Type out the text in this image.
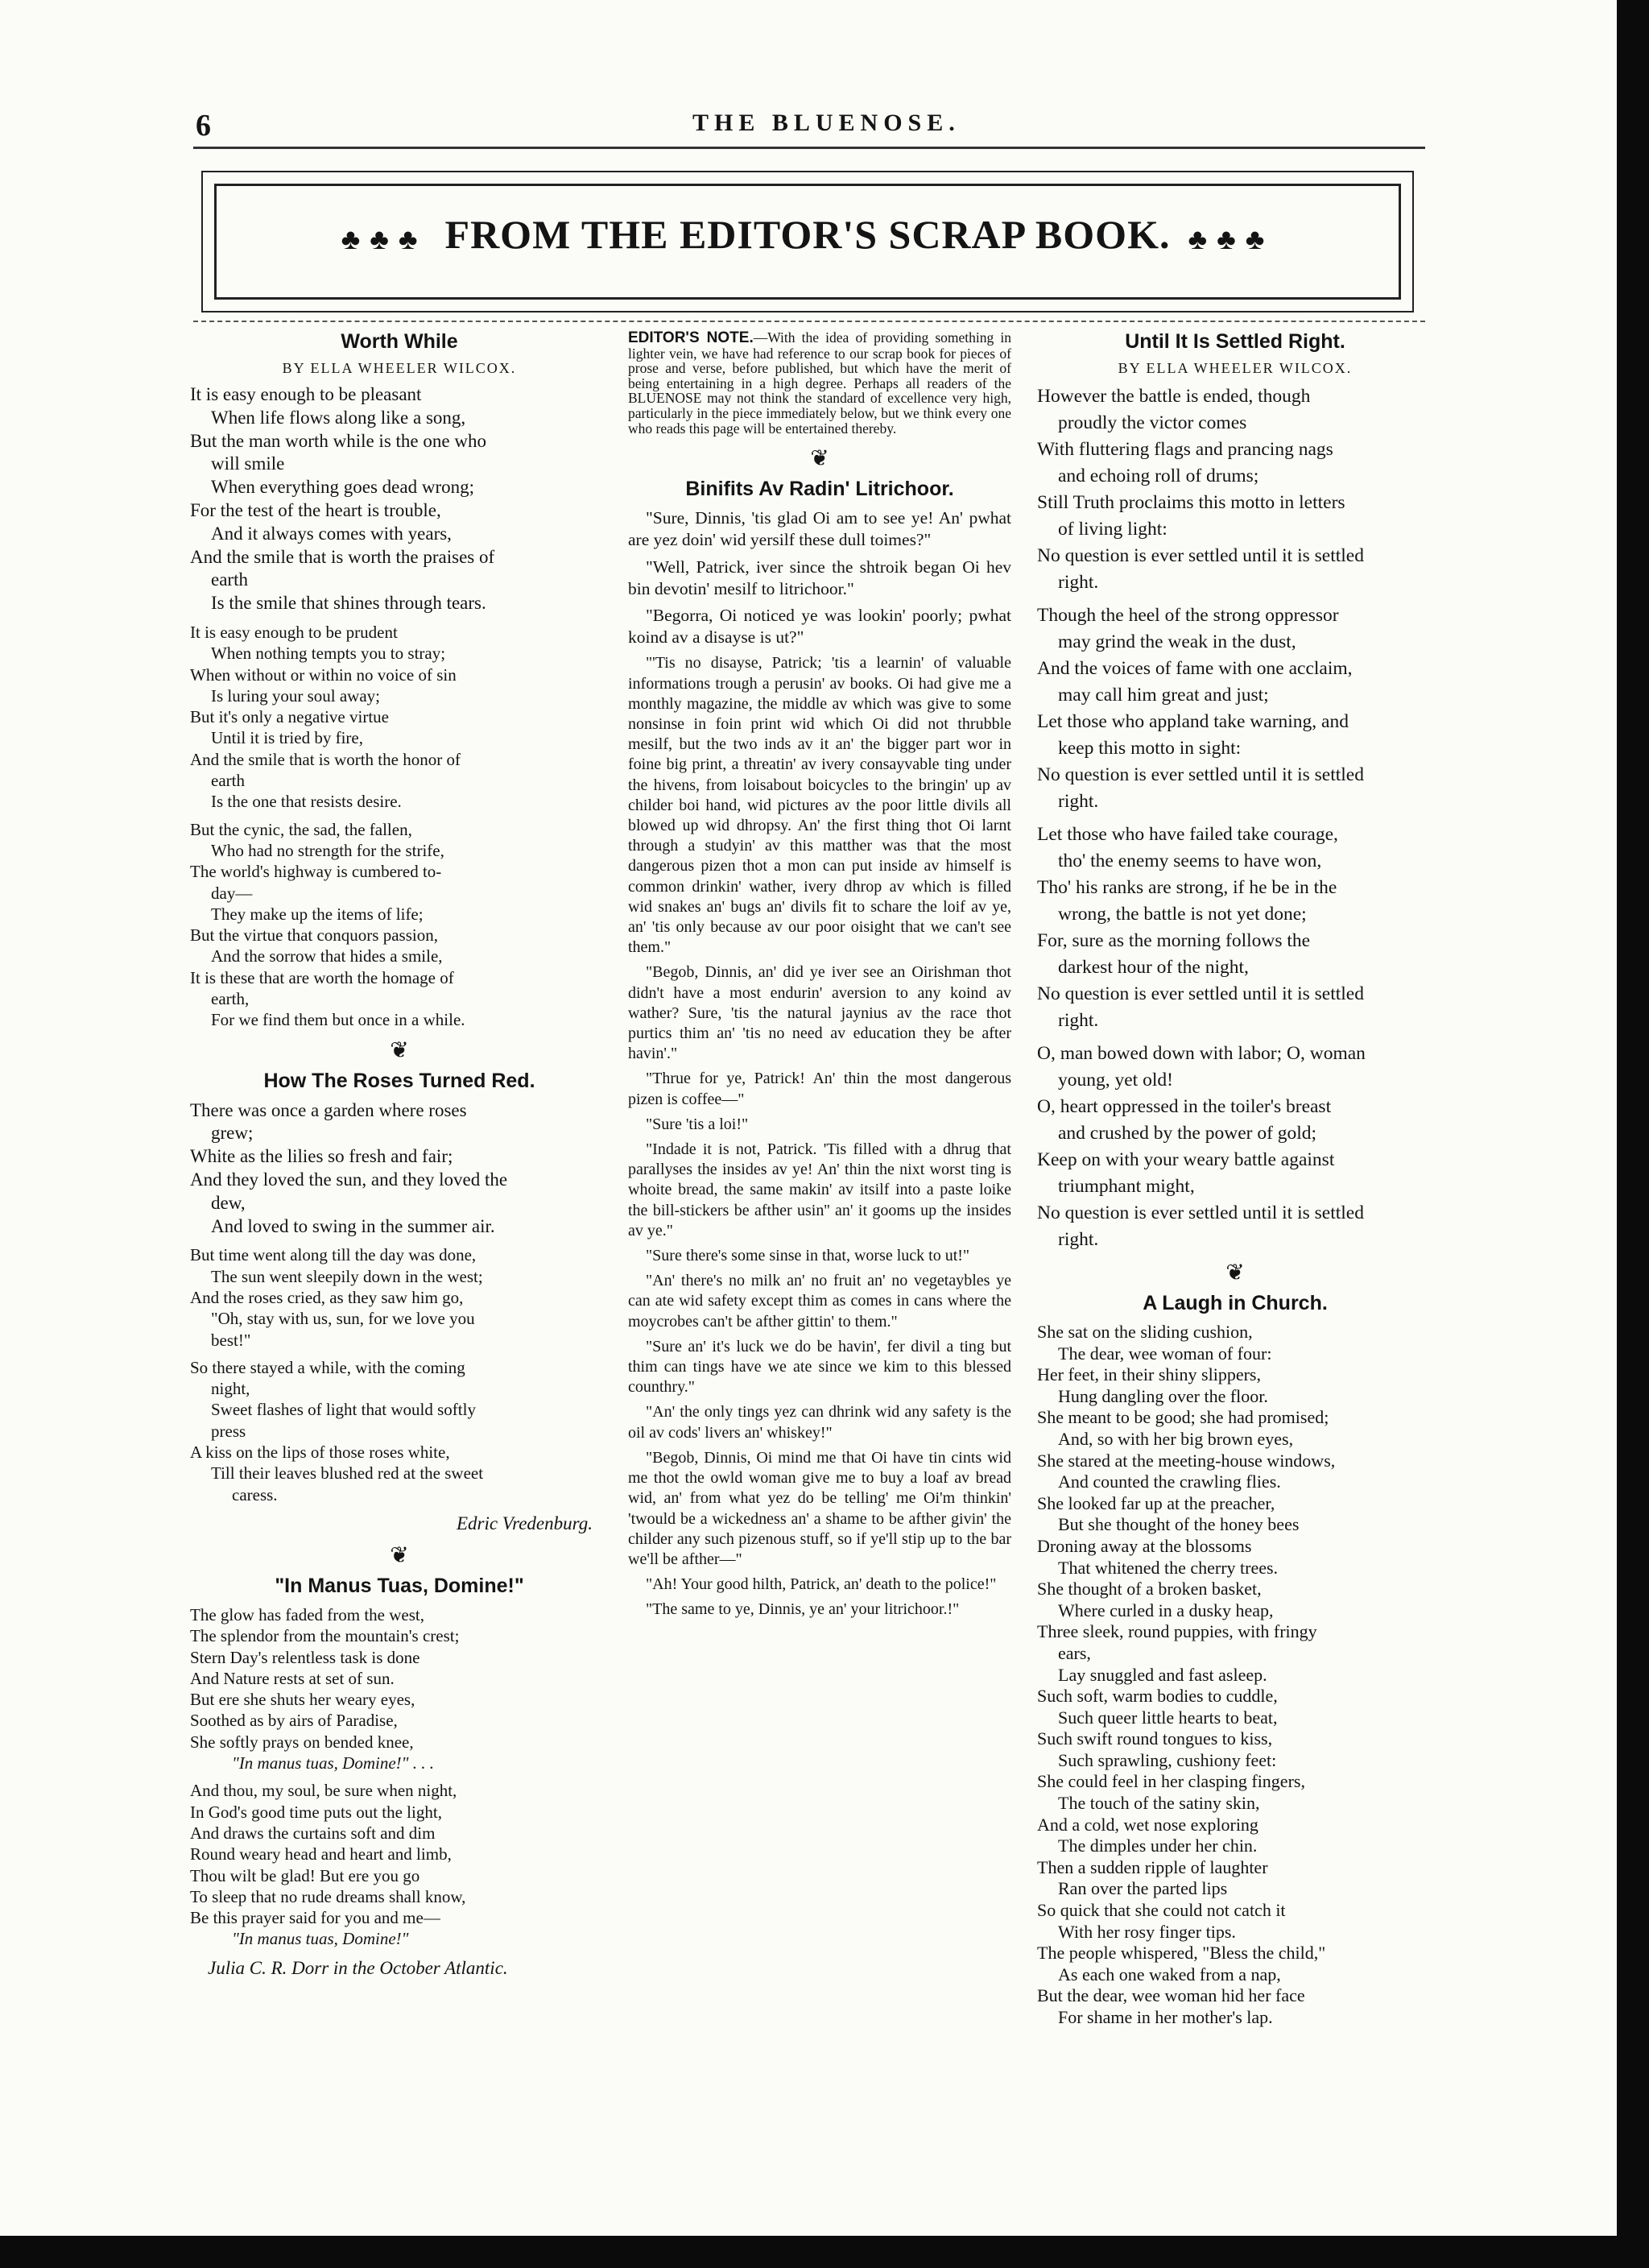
6	THE BLUENOSE.
♣♣♣ FROM THE EDITOR'S SCRAP BOOK. ♣♣♣
Worth While
BY ELLA WHEELER WILCOX.
It is easy enough to be pleasant
When life flows along like a song,
But the man worth while is the one who
will smile
When everything goes dead wrong;
For the test of the heart is trouble,
And it always comes with years,
And the smile that is worth the praises of
earth
Is the smile that shines through tears.
It is easy enough to be prudent
When nothing tempts you to stray;
When without or within no voice of sin
Is luring your soul away;
But it's only a negative virtue
Until it is tried by fire,
And the smile that is worth the honor of
earth
Is the one that resists desire.
But the cynic, the sad, the fallen,
Who had no strength for the strife,
The world's highway is cumbered to-
day—
They make up the items of life;
But the virtue that conquors passion,
And the sorrow that hides a smile,
It is these that are worth the homage of
earth,
For we find them but once in a while.
❦
How The Roses Turned Red.
There was once a garden where roses
grew;
White as the lilies so fresh and fair;
And they loved the sun, and they loved the
dew,
And loved to swing in the summer air.
But time went along till the day was done,
The sun went sleepily down in the west;
And the roses cried, as they saw him go,
"Oh, stay with us, sun, for we love you
best!"
So there stayed a while, with the coming
night,
Sweet flashes of light that would softly
press
A kiss on the lips of those roses white,
Till their leaves blushed red at the sweet
caress.
Edric Vredenburg.
❦
"In Manus Tuas, Domine!"
The glow has faded from the west,
The splendor from the mountain's crest;
Stern Day's relentless task is done
And Nature rests at set of sun.
But ere she shuts her weary eyes,
Soothed as by airs of Paradise,
She softly prays on bended knee,
"In manus tuas, Domine!" . . .
And thou, my soul, be sure when night,
In God's good time puts out the light,
And draws the curtains soft and dim
Round weary head and heart and limb,
Thou wilt be glad! But ere you go
To sleep that no rude dreams shall know,
Be this prayer said for you and me—
"In manus tuas, Domine!"
Julia C. R. Dorr in the October Atlantic.
EDITOR'S NOTE.—With the idea of providing something in lighter vein, we have had reference to our scrap book for pieces of prose and verse, before published, but which have the merit of being entertaining in a high degree. Perhaps all readers of the BLUENOSE may not think the standard of excellence very high, particularly in the piece immediately below, but we think every one who reads this page will be entertained thereby.
❦
Binifits Av Radin' Litrichoor.

"Sure, Dinnis, 'tis glad Oi am to see ye! An' pwhat are yez doin' wid yersilf these dull toimes?"

"Well, Patrick, iver since the shtroik began Oi hev bin devotin' mesilf to litrichoor."

"Begorra, Oi noticed ye was lookin' poorly; pwhat koind av a disayse is ut?"

"'Tis no disayse, Patrick; 'tis a learnin' of valuable informations trough a perusin' av books. Oi had give me a monthly magazine, the middle av which was give to some nonsinse in foin print wid which Oi did not thrubble mesilf, but the two inds av it an' the bigger part wor in foine big print, a threatin' av ivery consayvable ting under the hivens, from loisabout boicycles to the bringin' up av childer boi hand, wid pictures av the poor little divils all blowed up wid dhropsy. An' the first thing thot Oi larnt through a studyin' av this matther was that the most dangerous pizen thot a mon can put inside av himself is common drinkin' wather, ivery dhrop av which is filled wid snakes an' bugs an' divils fit to schare the loif av ye, an' 'tis only because av our poor oisight that we can't see them."

"Begob, Dinnis, an' did ye iver see an Oirishman thot didn't have a most endurin' aversion to any koind av wather? Sure, 'tis the natural jaynius av the race thot purtics thim an' 'tis no need av education they be after havin'."

"Thrue for ye, Patrick! An' thin the most dangerous pizen is coffee—"

"Sure 'tis a loi!"

"Indade it is not, Patrick. 'Tis filled with a dhrug that parallyses the insides av ye! An' thin the nixt worst ting is whoite bread, the same makin' av itsilf into a paste loike the bill-stickers be afther usin'' an' it gooms up the insides av ye."

"Sure there's some sinse in that, worse luck to ut!"

"An' there's no milk an' no fruit an' no vegetaybles ye can ate wid safety except thim as comes in cans where the moycrobes can't be afther gittin' to them."

"Sure an' it's luck we do be havin', fer divil a ting but thim can tings have we ate since we kim to this blessed counthry."

"An' the only tings yez can dhrink wid any safety is the oil av cods' livers an' whiskey!"

"Begob, Dinnis, Oi mind me that Oi have tin cints wid me thot the owld woman give me to buy a loaf av bread wid, an' from what yez do be telling' me Oi'm thinkin' 'twould be a wickedness an' a shame to be afther givin' the childer any such pizenous stuff, so if ye'll stip up to the bar we'll be afther—"

"Ah! Your good hilth, Patrick, an' death to the police!"

"The same to ye, Dinnis, ye an' your litrichoor.!"

Until It Is Settled Right.
BY ELLA WHEELER WILCOX.
However the battle is ended, though
proudly the victor comes
With fluttering flags and prancing nags
and echoing roll of drums;
Still Truth proclaims this motto in letters
of living light:
No question is ever settled until it is settled
right.
Though the heel of the strong oppressor
may grind the weak in the dust,
And the voices of fame with one acclaim,
may call him great and just;
Let those who appland take warning, and
keep this motto in sight:
No question is ever settled until it is settled
right.
Let those who have failed take courage,
tho' the enemy seems to have won,
Tho' his ranks are strong, if he be in the
wrong, the battle is not yet done;
For, sure as the morning follows the
darkest hour of the night,
No question is ever settled until it is settled
right.
O, man bowed down with labor; O, woman
young, yet old!
O, heart oppressed in the toiler's breast
and crushed by the power of gold;
Keep on with your weary battle against
triumphant might,
No question is ever settled until it is settled
right.
❦
A Laugh in Church.
She sat on the sliding cushion,
The dear, wee woman of four:
Her feet, in their shiny slippers,
Hung dangling over the floor.
She meant to be good; she had promised;
And, so with her big brown eyes,
She stared at the meeting-house windows,
And counted the crawling flies.
She looked far up at the preacher,
But she thought of the honey bees
Droning away at the blossoms
That whitened the cherry trees.
She thought of a broken basket,
Where curled in a dusky heap,
Three sleek, round puppies, with fringy
ears,
Lay snuggled and fast asleep.
Such soft, warm bodies to cuddle,
Such queer little hearts to beat,
Such swift round tongues to kiss,
Such sprawling, cushiony feet:
She could feel in her clasping fingers,
The touch of the satiny skin,
And a cold, wet nose exploring
The dimples under her chin.
Then a sudden ripple of laughter
Ran over the parted lips
So quick that she could not catch it
With her rosy finger tips.
The people whispered, "Bless the child,"
As each one waked from a nap,
But the dear, wee woman hid her face
For shame in her mother's lap.
